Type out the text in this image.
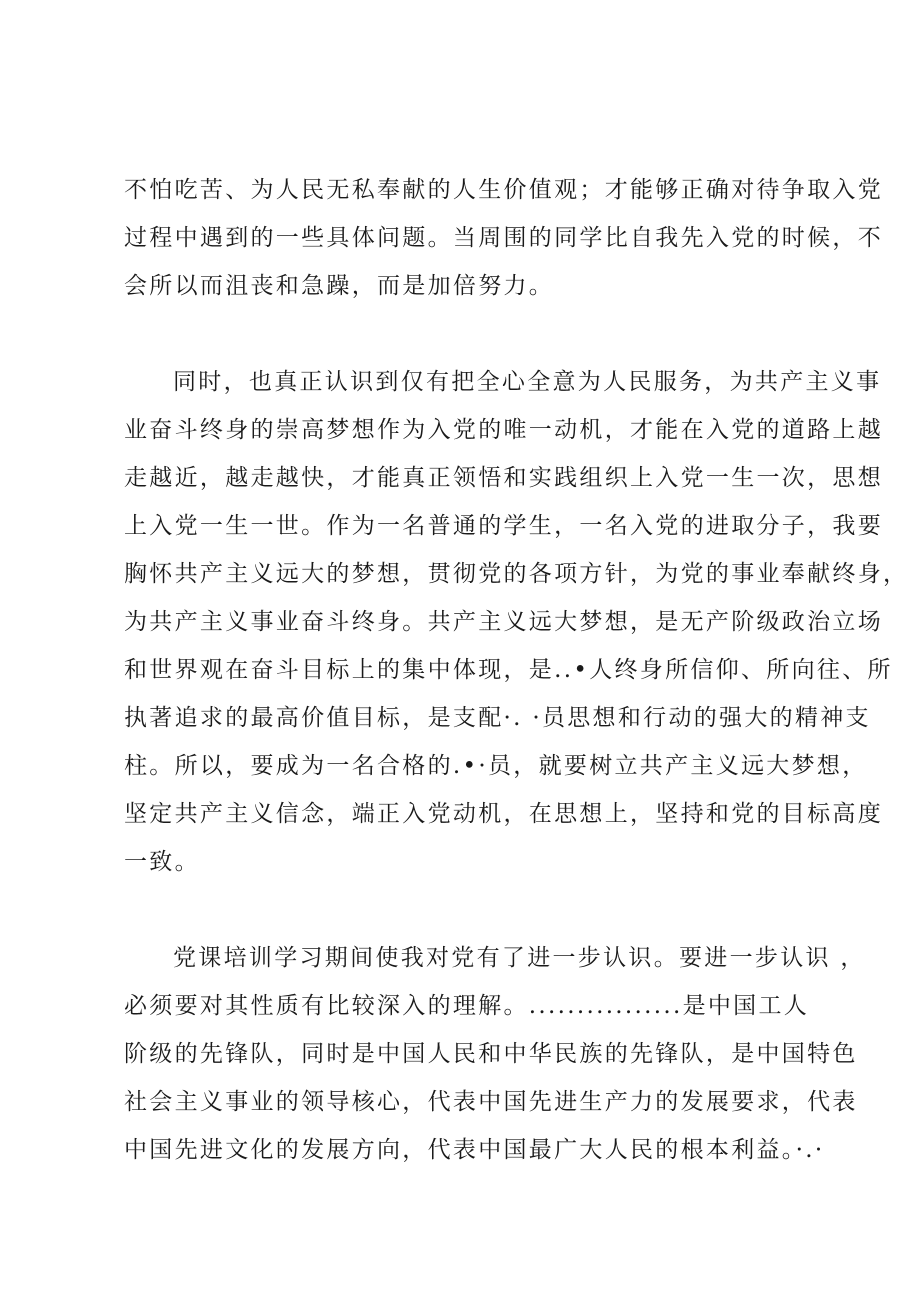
不怕吃苦、为人民无私奉献的人生价值观；才能够正确对待争取入党
过程中遇到的一些具体问题。当周围的同学比自我先入党的时候，不
会所以而沮丧和急躁，而是加倍努力。
同时，也真正认识到仅有把全心全意为人民服务，为共产主义事
业奋斗终身的崇高梦想作为入党的唯一动机，才能在入党的道路上越
走越近，越走越快，才能真正领悟和实践组织上入党一生一次，思想
上入党一生一世。作为一名普通的学生，一名入党的进取分子，我要
胸怀共产主义远大的梦想，贯彻党的各项方针，为党的事业奉献终身，
为共产主义事业奋斗终身。共产主义远大梦想，是无产阶级政治立场
和世界观在奋斗目标上的集中体现，是..•人终身所信仰、所向往、所
执著追求的最高价值目标，是支配·. ·员思想和行动的强大的精神支
柱。所以，要成为一名合格的.•·员，就要树立共产主义远大梦想，
坚定共产主义信念，端正入党动机，在思想上，坚持和党的目标高度
一致。
党课培训学习期间使我对党有了进一步认识。要进一步认识 ，
必须要对其性质有比较深入的理解。................是中国工人
阶级的先锋队，同时是中国人民和中华民族的先锋队，是中国特色
社会主义事业的领导核心，代表中国先进生产力的发展要求，代表
中国先进文化的发展方向，代表中国最广大人民的根本利益。·.·
